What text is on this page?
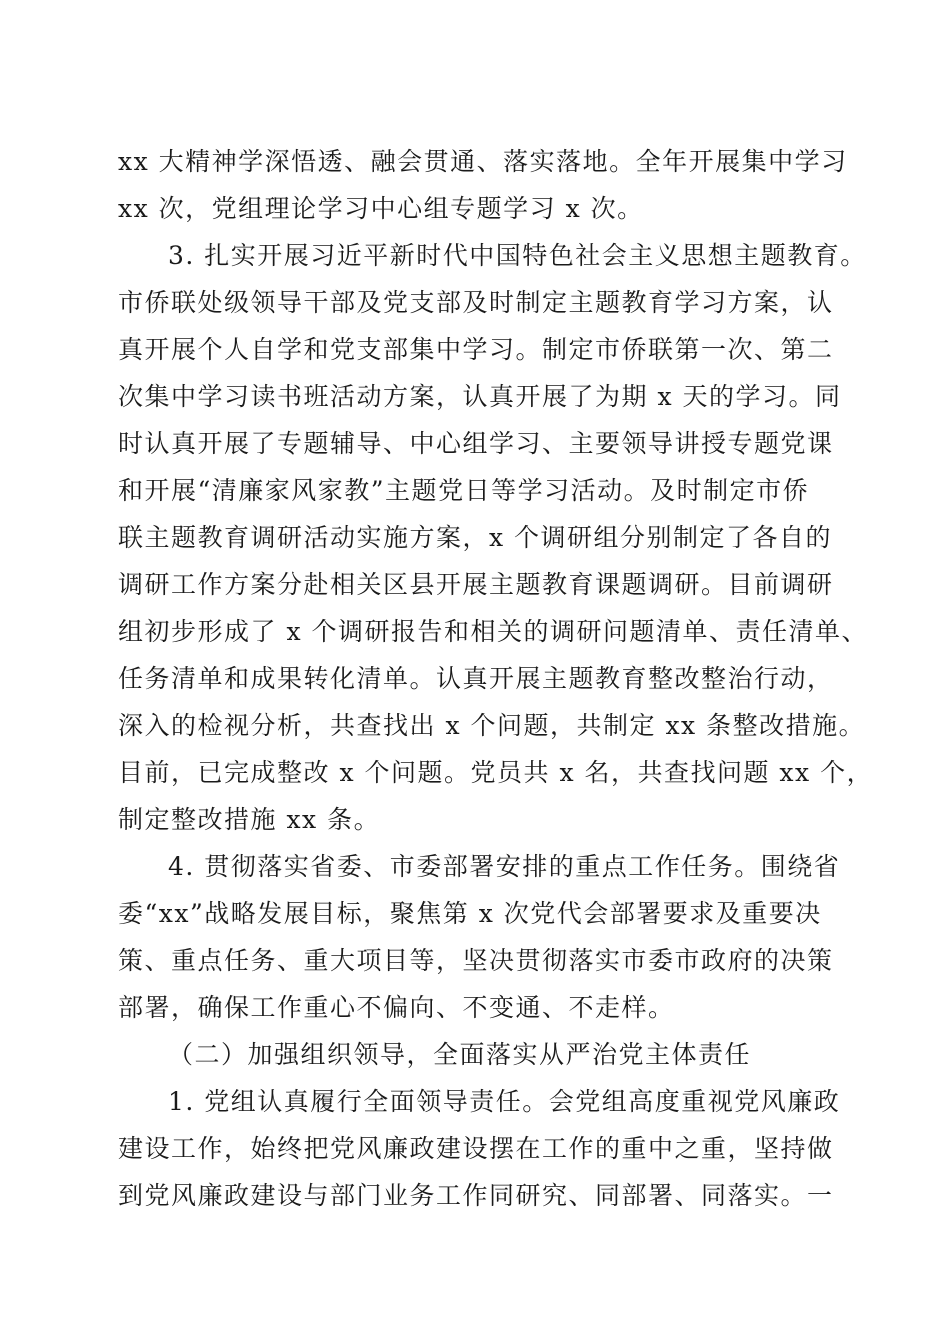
xx 大精神学深悟透、融会贯通、落实落地。全年开展集中学习
xx 次，党组理论学习中心组专题学习 x 次。
3. 扎实开展习近平新时代中国特色社会主义思想主题教育。
市侨联处级领导干部及党支部及时制定主题教育学习方案，认
真开展个人自学和党支部集中学习。制定市侨联第一次、第二
次集中学习读书班活动方案，认真开展了为期 x 天的学习。同
时认真开展了专题辅导、中心组学习、主要领导讲授专题党课
和开展“清廉家风家教”主题党日等学习活动。及时制定市侨
联主题教育调研活动实施方案，x 个调研组分别制定了各自的
调研工作方案分赴相关区县开展主题教育课题调研。目前调研
组初步形成了 x 个调研报告和相关的调研问题清单、责任清单、
任务清单和成果转化清单。认真开展主题教育整改整治行动，
深入的检视分析，共查找出 x 个问题，共制定 xx 条整改措施。
目前，已完成整改 x 个问题。党员共 x 名，共查找问题 xx 个，
制定整改措施 xx 条。
4. 贯彻落实省委、市委部署安排的重点工作任务。围绕省
委“xx”战略发展目标，聚焦第 x 次党代会部署要求及重要决
策、重点任务、重大项目等，坚决贯彻落实市委市政府的决策
部署，确保工作重心不偏向、不变通、不走样。
（二）加强组织领导，全面落实从严治党主体责任
1. 党组认真履行全面领导责任。会党组高度重视党风廉政
建设工作，始终把党风廉政建设摆在工作的重中之重，坚持做
到党风廉政建设与部门业务工作同研究、同部署、同落实。一
